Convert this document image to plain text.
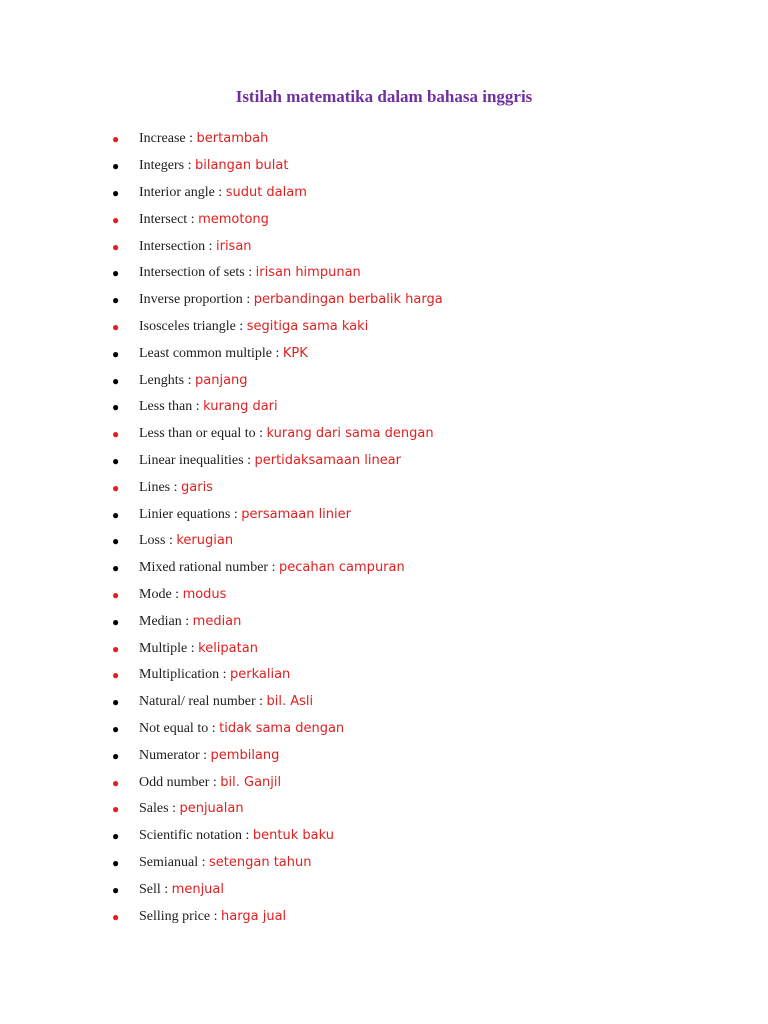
Istilah matematika dalam bahasa inggris
●	Increase : bertambah
●	Integers : bilangan bulat
●	Interior angle : sudut dalam
●	Intersect : memotong
●	Intersection : irisan
●	Intersection of sets : irisan himpunan
●	Inverse proportion : perbandingan berbalik harga
●	Isosceles triangle : segitiga sama kaki
●	Least common multiple : KPK
●	Lenghts : panjang
●	Less than : kurang dari
●	Less than or equal to : kurang dari sama dengan
●	Linear inequalities : pertidaksamaan linear
●	Lines : garis
●	Linier equations : persamaan linier
●	Loss : kerugian
●	Mixed rational number : pecahan campuran
●	Mode : modus
●	Median : median
●	Multiple : kelipatan
●	Multiplication : perkalian
●	Natural/ real number : bil. Asli
●	Not equal to : tidak sama dengan
●	Numerator : pembilang
●	Odd number : bil. Ganjil
●	Sales : penjualan
●	Scientific notation : bentuk baku
●	Semianual : setengan tahun
●	Sell : menjual
●	Selling price : harga jual
